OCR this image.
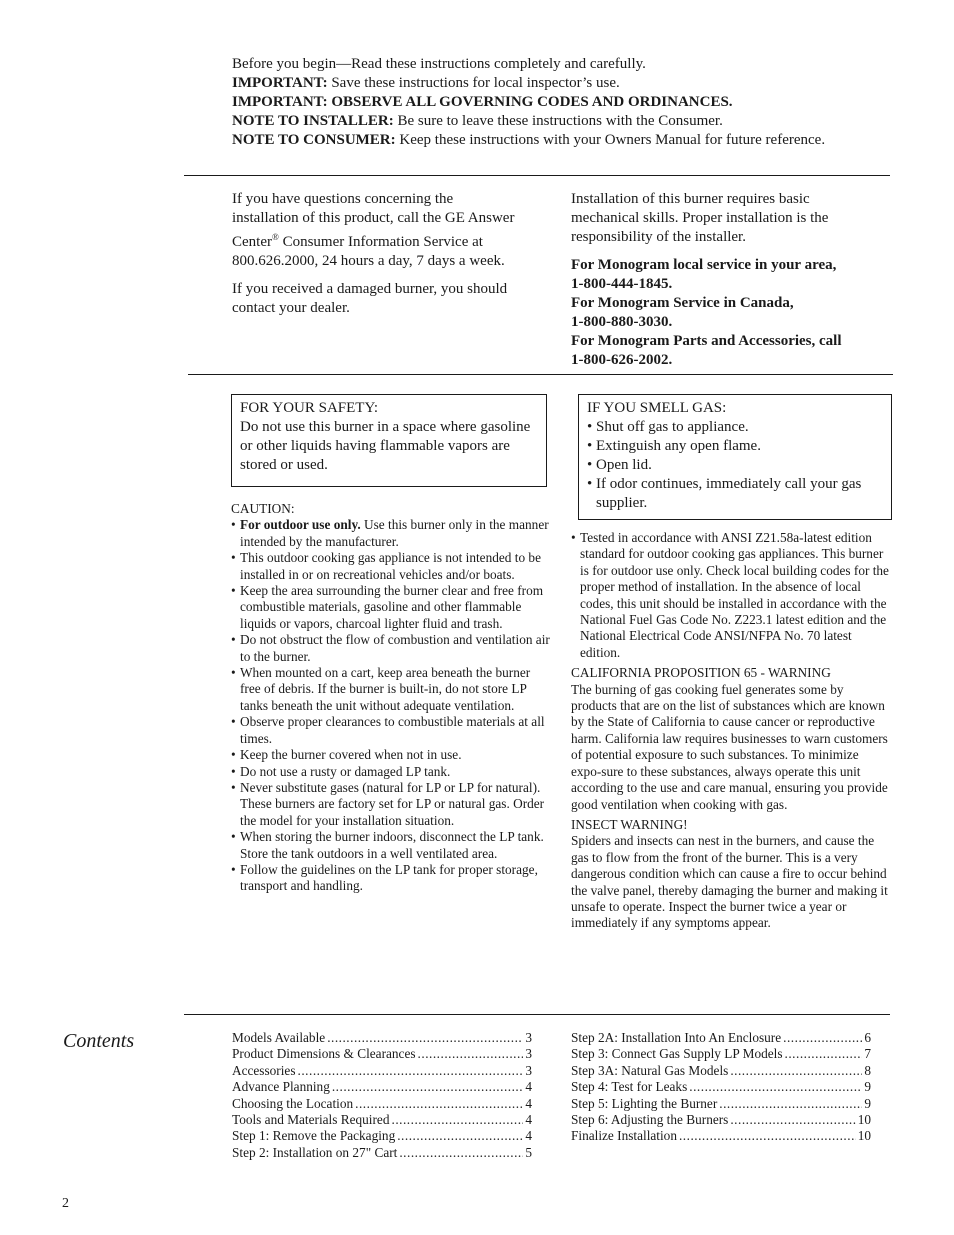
Before you begin—Read these instructions completely and carefully.

IMPORTANT: Save these instructions for local inspector’s use.

IMPORTANT: OBSERVE ALL GOVERNING CODES AND ORDINANCES.

NOTE TO INSTALLER: Be sure to leave these instructions with the Consumer.

NOTE TO CONSUMER: Keep these instructions with your Owners Manual for future reference.

If you have questions concerning the installation of this product, call the GE Answer Center® Consumer Information Service at 800.626.2000, 24 hours a day, 7 days a week.

If you received a damaged burner, you should contact your dealer.

Installation of this burner requires basic mechanical skills. Proper installation is the responsibility of the installer.

For Monogram local service in your area,

1-800-444-1845.

For Monogram Service in Canada,

1-800-880-3030.

For Monogram Parts and Accessories, call

1-800-626-2002.

FOR YOUR SAFETY:

Do not use this burner in a space where gasoline or other liquids having flammable vapors are stored or used.

IF YOU SMELL GAS:

• Shut off gas to appliance.
• Extinguish any open flame.
• Open lid.
• If odor continues, immediately call your gas supplier.

CAUTION:

• For outdoor use only. Use this burner only in the manner intended by the manufacturer.
• This outdoor cooking gas appliance is not intended to be installed in or on recreational vehicles and/or boats.
• Keep the area surrounding the burner clear and free from combustible materials, gasoline and other flammable liquids or vapors, charcoal lighter fluid and trash.
• Do not obstruct the flow of combustion and ventilation air to the burner.
• When mounted on a cart, keep area beneath the burner free of debris. If the burner is built-in, do not store LP tanks beneath the unit without adequate ventilation.
• Observe proper clearances to combustible materials at all times.
• Keep the burner covered when not in use.
• Do not use a rusty or damaged LP tank.
• Never substitute gases (natural for LP or LP for natural). These burners are factory set for LP or natural gas. Order the model for your installation situation.
• When storing the burner indoors, disconnect the LP tank. Store the tank outdoors in a well ventilated area.
• Follow the guidelines on the LP tank for proper storage, transport and handling.
• Tested in accordance with ANSI Z21.58a-latest edition standard for outdoor cooking gas appliances. This burner is for outdoor use only. Check local building codes for the proper method of installation. In the absence of local codes, this unit should be installed in accordance with the National Fuel Gas Code No. Z223.1 latest edition and the National Electrical Code ANSI/NFPA No. 70 latest edition.

CALIFORNIA PROPOSITION 65 - WARNING

The burning of gas cooking fuel generates some by products that are on the list of substances which are known by the State of California to cause cancer or reproductive harm. California law requires businesses to warn customers of potential exposure to such substances. To minimize expo-sure to these substances, always operate this unit according to the use and care manual, ensuring you provide good ventilation when cooking with gas.

INSECT WARNING!

Spiders and insects can nest in the burners, and cause the gas to flow from the front of the burner. This is a very dangerous condition which can cause a fire to occur behind the valve panel, thereby damaging the burner and making it unsafe to operate. Inspect the burner twice a year or immediately if any symptoms appear.

Contents	Models Available .....	3
Product Dimensions & Clearances .....	3
Accessories .....	3
Advance Planning .....	4
Choosing the Location .....	4
Tools and Materials Required .....	4
Step 1: Remove the Packaging .....	4
Step 2: Installation on 27" Cart .....	5
Step 2A: Installation Into An Enclosure .....	6
Step 3: Connect Gas Supply LP Models .....	7
Step 3A: Natural Gas Models .....	8
Step 4: Test for Leaks .....	9
Step 5: Lighting the Burner .....	9
Step 6: Adjusting the Burners .....	10
Finalize Installation .....	10
2
